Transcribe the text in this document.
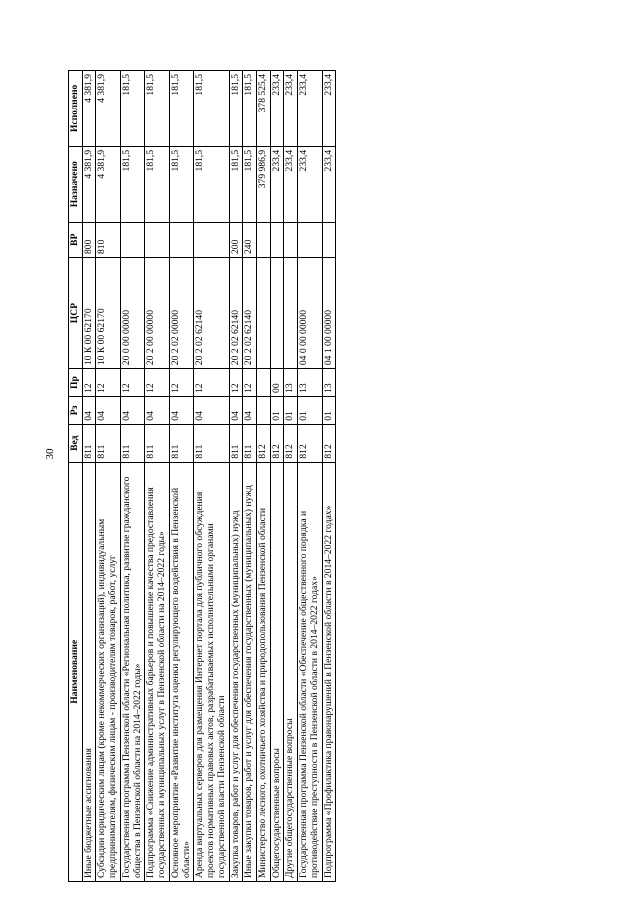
30
Наименование	Вед	Рз	Пр	ЦСР	ВР	Назначено	Исполнено
Иные бюджетные ассигнования	811	04	12	10 К 00 62170	800	4 381,9	4 381,9
Субсидии юридическим лицам (кроме некоммерческих организаций), индивидуальным предпринимателям, физическим лицам - производителям товаров, работ, услуг	811	04	12	10 К 00 62170	810	4 381,9	4 381,9
Государственная программа Пензенской области «Региональная политика, развитие гражданского общества в Пензенской области на 2014–2022 годы»	811	04	12	20 0 00 00000		181,5	181,5
Подпрограмма «Снижение административных барьеров и повышение качества предоставления государственных и муниципальных услуг в Пензенской области на 2014–2022 годы»	811	04	12	20 2 00 00000		181,5	181,5
Основное мероприятие «Развитие института оценки регулирующего воздействия в Пензенской области»	811	04	12	20 2 02 00000		181,5	181,5
Аренда виртуальных серверов для размещения Интернет портала для публичного обсуждения проектов нормативных правовых актов, разрабатываемых исполнительными органами государственной власти Пензенской области	811	04	12	20 2 02 62140		181,5	181,5
Закупка товаров, работ и услуг для обеспечения государственных (муниципальных) нужд	811	04	12	20 2 02 62140	200	181,5	181,5
Иные закупки товаров, работ и услуг для обеспечения государственных (муниципальных) нужд	811	04	12	20 2 02 62140	240	181,5	181,5
Министерство лесного, охотничьего хозяйства и природопользования Пензенской области	812					379 986,9	378 525,4
Общегосударственные вопросы	812	01	00			233,4	233,4
Другие общегосударственные вопросы	812	01	13			233,4	233,4
Государственная программа Пензенской области «Обеспечение общественного порядка и противодействие преступности в Пензенской области в 2014–2022 годах»	812	01	13	04 0 00 00000		233,4	233,4
Подпрограмма «Профилактика правонарушений в Пензенской области в 2014–2022 годах»	812	01	13	04 1 00 00000		233,4	233,4
